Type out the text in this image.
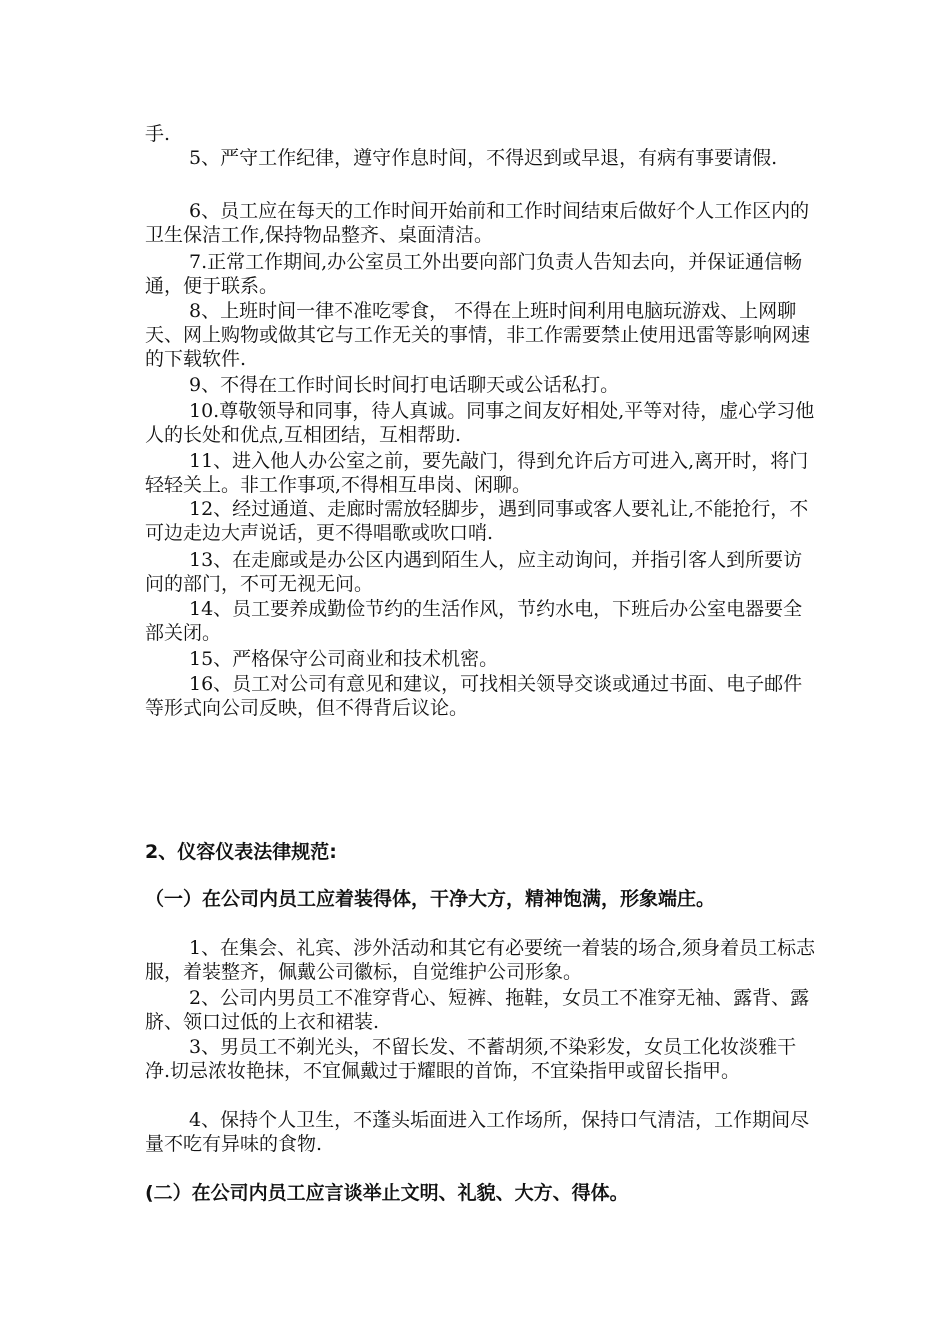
手.

5、严守工作纪律，遵守作息时间，不得迟到或早退，有病有事要请假.

6、员工应在每天的工作时间开始前和工作时间结束后做好个人工作区内的卫生保洁工作,保持物品整齐、桌面清洁。

7.正常工作期间,办公室员工外出要向部门负责人告知去向，并保证通信畅通，便于联系。

8、上班时间一律不准吃零食， 不得在上班时间利用电脑玩游戏、上网聊天、网上购物或做其它与工作无关的事情，非工作需要禁止使用迅雷等影响网速的下载软件.

9、不得在工作时间长时间打电话聊天或公话私打。

10.尊敬领导和同事，待人真诚。同事之间友好相处,平等对待，虚心学习他人的长处和优点,互相团结，互相帮助.

11、进入他人办公室之前，要先敲门，得到允许后方可进入,离开时，将门轻轻关上。非工作事项,不得相互串岗、闲聊。

12、经过通道、走廊时需放轻脚步，遇到同事或客人要礼让,不能抢行，不可边走边大声说话，更不得唱歌或吹口哨.

13、在走廊或是办公区内遇到陌生人，应主动询问，并指引客人到所要访问的部门，不可无视无问。

14、员工要养成勤俭节约的生活作风，节约水电，下班后办公室电器要全部关闭。

15、严格保守公司商业和技术机密。

16、员工对公司有意见和建议，可找相关领导交谈或通过书面、电子邮件等形式向公司反映，但不得背后议论。

2、仪容仪表法律规范:
（一）在公司内员工应着装得体，干净大方，精神饱满，形象端庄。

1、在集会、礼宾、涉外活动和其它有必要统一着装的场合,须身着员工标志服，着装整齐，佩戴公司徽标，自觉维护公司形象。

2、公司内男员工不准穿背心、短裤、拖鞋，女员工不准穿无袖、露背、露脐、领口过低的上衣和裙装.

3、男员工不剃光头，不留长发、不蓄胡须,不染彩发，女员工化妆淡雅干净.切忌浓妆艳抹，不宜佩戴过于耀眼的首饰，不宜染指甲或留长指甲。

4、保持个人卫生，不蓬头垢面进入工作场所，保持口气清洁，工作期间尽量不吃有异味的食物.

(二）在公司内员工应言谈举止文明、礼貌、大方、得体。
